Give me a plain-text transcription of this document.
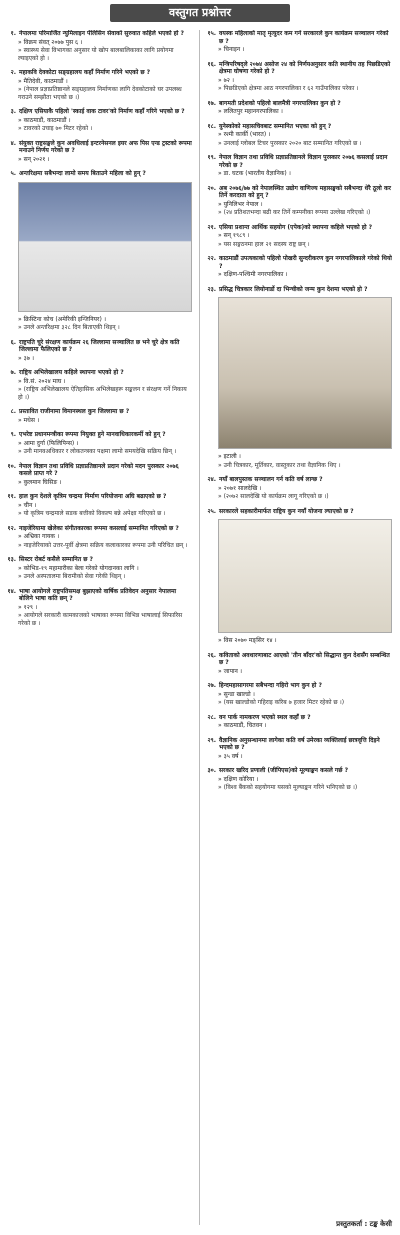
वस्तुगत प्रश्नोत्तर
१. नेपालमा परिमार्जित न्युमिलाइन पेलिसिन सेवाको सुरुवात कहिले भएको हो ?
» विक्रम संवत् २०७७ पुस ६ ।
» स्वास्थ्य सेवा विभागका अनुसार यो खोप बालबालिकाका लागि प्रयोगमा ल्याइएको हो ।
२. महाकवि देवकोटा सङ्ग्रहालय कहाँ निर्माण गरिने भएको छ ?
» मैतिदेवी, काठमाडौं ।
» (नेपाल प्रज्ञाप्रतिष्ठानले सङ्ग्रहालय निर्माणका लागि देवकोटाको घर उपलब्ध गराउने सम्झौता भएको छ ।)
३. दक्षिण एसियाकै पहिलो 'स्काई वाक टावर'को निर्माण कहाँ गरिने भएको छ ?
» काठमाडौं, काठमाडौं ।
» टावरको उचाइ ७० मिटर रहेको ।
४. संयुक्त राष्ट्रसङ्घले कुन अवधिलाई इन्टरनेसनल इयर अफ पिस एन्ड ट्रस्टको रूपमा मनाउने निर्णय गरेको छ ?
» सन् २०२१ ।
५. अन्तरिक्षमा सबैभन्दा लामो समय बिताउने महिला को हुन् ?
» क्रिस्टिना कोच (अमेरिकी इन्जिनियर) ।
» उनले अन्तरिक्षमा ३२८ दिन बिताएकी थिइन् ।
६. राष्ट्रपति चुरे संरक्षण कार्यक्रम २६ जिल्लामा सञ्चालित छ भने चुरे क्षेत्र कति जिल्लामा फैलिएको छ ?
» ३७ ।
७. राष्ट्रिय अभिलेखालय कहिले स्थापना भएको हो ?
» वि.सं. २०२४ माघ ।
» (राष्ट्रिय अभिलेखालय ऐतिहासिक अभिलेखहरू सङ्कलन र संरक्षण गर्ने निकाय हो ।)
८. प्रस्तावित राजीनामा विमानस्थल कुन जिल्लामा छ ?
» मधेस ।
९. एभरेष्ट प्रधानमन्त्रीका रूपमा नियुक्त हुने मानवाधिकारकर्मी को हुन् ?
» आमा दुर्गा (फिलिपिन्स) ।
» उनी मानवअधिकार र लोकतन्त्रका पक्षमा लामो समयदेखि सक्रिय छिन् ।
१०. नेपाल विज्ञान तथा प्रविधि प्रज्ञाप्रतिष्ठानले प्रदान गरेको मदन पुरस्कार २०७६ कसले प्राप्त गरे ?
» कुलमान घिसिङ ।
११. हाल कुन देशले कृत्रिम चन्द्रमा निर्माण परियोजना अघि बढाएको छ ?
» चीन ।
» यो कृत्रिम चन्द्रमाले सडक बत्तीको विकल्प बन्ने अपेक्षा गरिएको छ ।
१२. नाइजेरियामा खेलेका संगीतकारका रूपमा कसलाई सम्मानित गरिएको छ ?
» अभ्रिका गायक ।
» नाइजेरियाको उत्तर-पूर्वी क्षेत्रमा सक्रिय कलाकारका रूपमा उनी परिचित छन् ।
१३. सिस्टर रोबर्ट कसैले सम्मानित छ ?
» कोभिड-१९ महामारीका बेला गरेको योगदानका लागि ।
» उनले अस्पतालमा बिरामीको सेवा गरेकी थिइन् ।
१४. भाषा आयोगले राष्ट्रपतिसमक्ष बुझाएको वार्षिक प्रतिवेदन अनुसार नेपालमा बोलिने भाषा कति छन् ?
» १२९ ।
» आयोगले सरकारी कामकाजको भाषाका रूपमा विभिन्न भाषालाई सिफारिस गरेको छ ।
१५. वयस्क महिलाको मातृ मृत्युदर कम गर्न सरकारले कुन कार्यक्रम सञ्चालन गरेको छ ?
» चिनाइन ।
१६. मन्त्रिपरिषद्ले २०७४ असोज २४ को निर्णयअनुसार कति स्थानीय तह पिछडिएको क्षेत्रमा घोषणा गरेको हो ?
» ७२ ।
» पिछडिएको क्षेत्रमा आठ नगरपालिका र ६२ गाउँपालिका परेका ।
१७. बागमती प्रदेशको पहिलो बालमैत्री नगरपालिका कुन हो ?
» ललितपुर महानगरपालिका ।
१८. युनेस्कोको महासचिवबाट सम्मानित भएका को हुन् ?
» रश्मी कार्की (भारत) ।
» उनलाई ग्लोबल टिचर पुरस्कार २०२० बाट सम्मानित गरिएको छ ।
१९. नेपाल विज्ञान तथा प्रविधि प्रज्ञाप्रतिष्ठानले विज्ञान पुरस्कार २०७६ कसलाई प्रदान गरेको छ ?
» डा. घटक (भारतीय वैज्ञानिक) ।
२०. अब २०७६/७७ को नेपालस्थित उद्योग वाणिज्य महासङ्घको सबैभन्दा धेरै ठूलो कर तिर्ने करदाता को हुन् ?
» युनिलिभर नेपाल ।
» (२४ प्रतिशतभन्दा बढी कर तिर्ने कम्पनीका रूपमा उल्लेख गरिएको ।)
२१. एसिया प्रशान्त आर्थिक सहयोग (एपेक)को स्थापना कहिले भएको हो ?
» सन् १९८९ ।
» यस सङ्गठनमा हाल २१ सदस्य राष्ट्र छन् ।
२२. काठमाडौं उपत्यकाको पहिलो पोखरी सुन्दरीकरण कुन नगरपालिकाले गरेको थियो ?
» दक्षिण-पश्चिमी नगरपालिका ।
२३. प्रसिद्ध चित्रकार लियोनार्डो दा भिन्चीको जन्म कुन देशमा भएको हो ?
» इटाली ।
» उनी चित्रकार, मूर्तिकार, वास्तुकार तथा वैज्ञानिक थिए ।
२४. नयाँ बालपुस्तक सञ्चालन गर्न कति वर्ष लाग्छ ?
» २०७१ सालदेखि ।
» (२०७२ सालदेखि यो कार्यक्रम लागू गरिएको छ ।)
२५. सरकारले सहकारीमार्फत राष्ट्रिय कुन नयाँ योजना ल्याएको छ ?
» विस २०७० मङ्सिर १४ ।
२६. कविताको अवधारणाबाट आएको 'तीन बाँदर'को सिद्धान्त कुन देशसँग सम्बन्धित छ ?
» जापान ।
२७. हिन्दमहासागरमा सबैभन्दा गहिरो भाग कुन हो ?
» सुन्डा खाल्डो ।
» (यस खाल्डोको गहिराइ करिब ७ हजार मिटर रहेको छ ।)
२८. वन पार्क नामकरण भएको स्थल कहाँ छ ?
» काठमाडौं, चितवन ।
२९. वैज्ञानिक अनुसन्धानमा लागेका कति वर्ष उमेरका व्यक्तिलाई छात्रवृत्ति दिइने भएको छ ?
» ३५ वर्ष ।
३०. सरकार खरिद प्रणाली (जीपिएस)को मूल्याङ्कन कसले गर्छ ?
» दक्षिण कोरिया ।
» (विश्व बैंकको सहयोगमा यसको मूल्याङ्कन गरिने भनिएको छ ।)
प्रस्तुतकर्ता : टङ्क केसी
